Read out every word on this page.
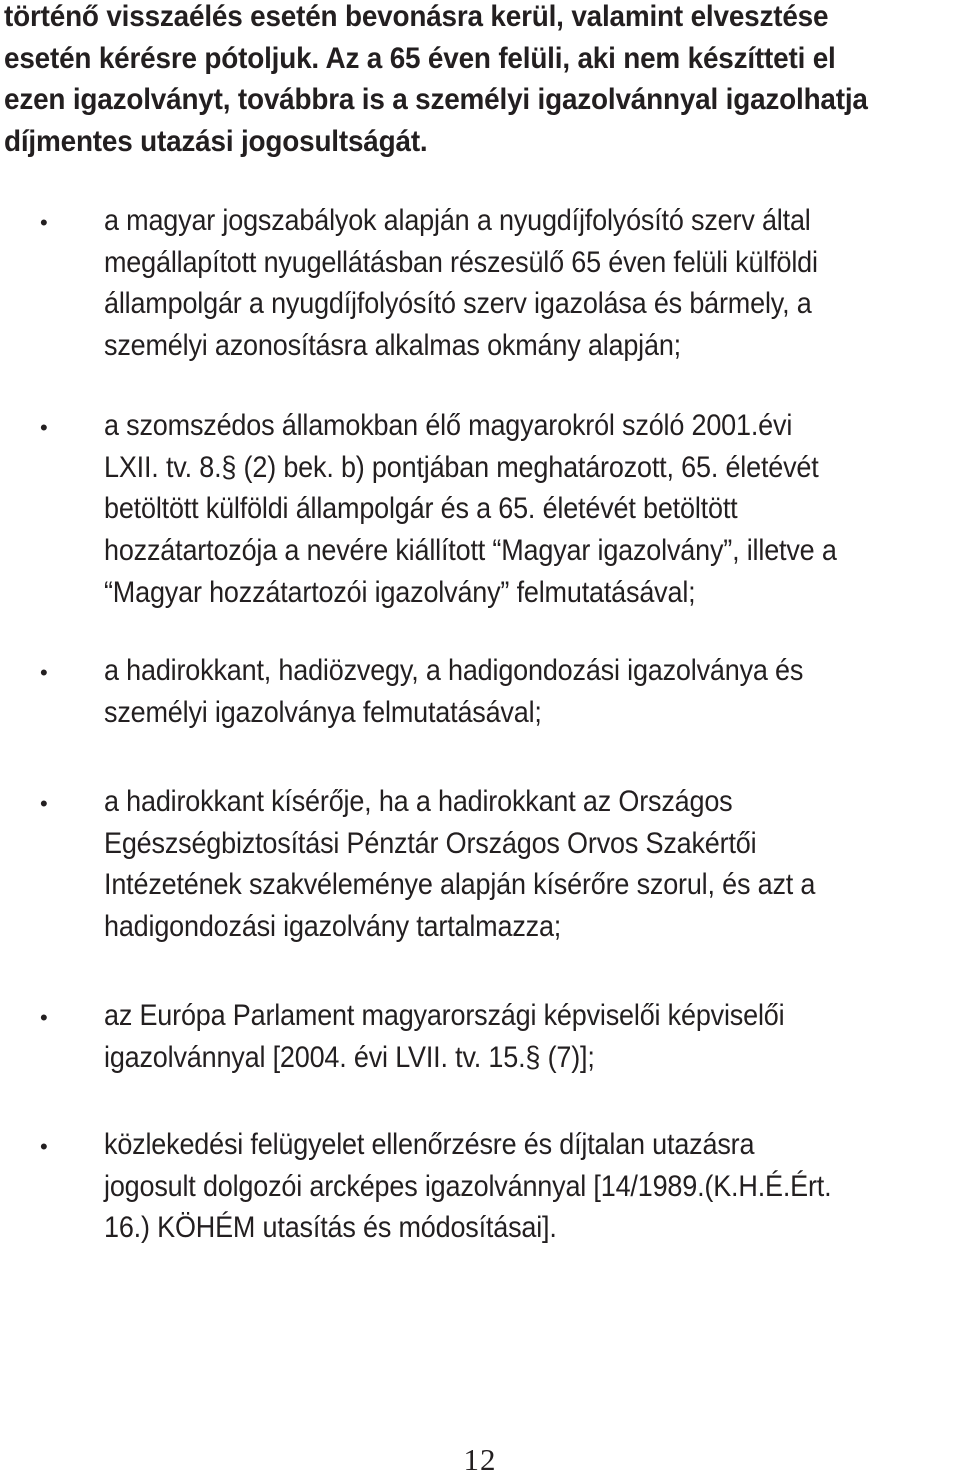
történő visszaélés esetén bevonásra kerül, valamint elvesztése
esetén kérésre pótoljuk. Az a 65 éven felüli, aki nem készítteti el
ezen igazolványt, továbbra is a személyi igazolvánnyal igazolhatja
díjmentes utazási jogosultságát.

• a magyar jogszabályok alapján a nyugdíjfolyósító szerv által
megállapított nyugellátásban részesülő 65 éven felüli külföldi
állampolgár a nyugdíjfolyósító szerv igazolása és bármely, a
személyi azonosításra alkalmas okmány alapján;
• a szomszédos államokban élő magyarokról szóló 2001.évi
LXII. tv. 8.§ (2) bek. b) pontjában meghatározott, 65. életévét
betöltött külföldi állampolgár és a 65. életévét betöltött
hozzátartozója a nevére kiállított “Magyar igazolvány”, illetve a
“Magyar hozzátartozói igazolvány” felmutatásával;
• a hadirokkant, hadiözvegy, a hadigondozási igazolványa és
személyi igazolványa felmutatásával;
• a hadirokkant kísérője, ha a hadirokkant az Országos
Egészségbiztosítási Pénztár Országos Orvos Szakértői
Intézetének szakvéleménye alapján kísérőre szorul, és azt a
hadigondozási igazolvány tartalmazza;
• az Európa Parlament magyarországi képviselői képviselői
igazolvánnyal [2004. évi LVII. tv. 15.§ (7)];
• közlekedési felügyelet ellenőrzésre és díjtalan utazásra
jogosult dolgozói arcképes igazolvánnyal [14/1989.(K.H.É.Ért.
16.) KÖHÉM utasítás és módosításai].
12
